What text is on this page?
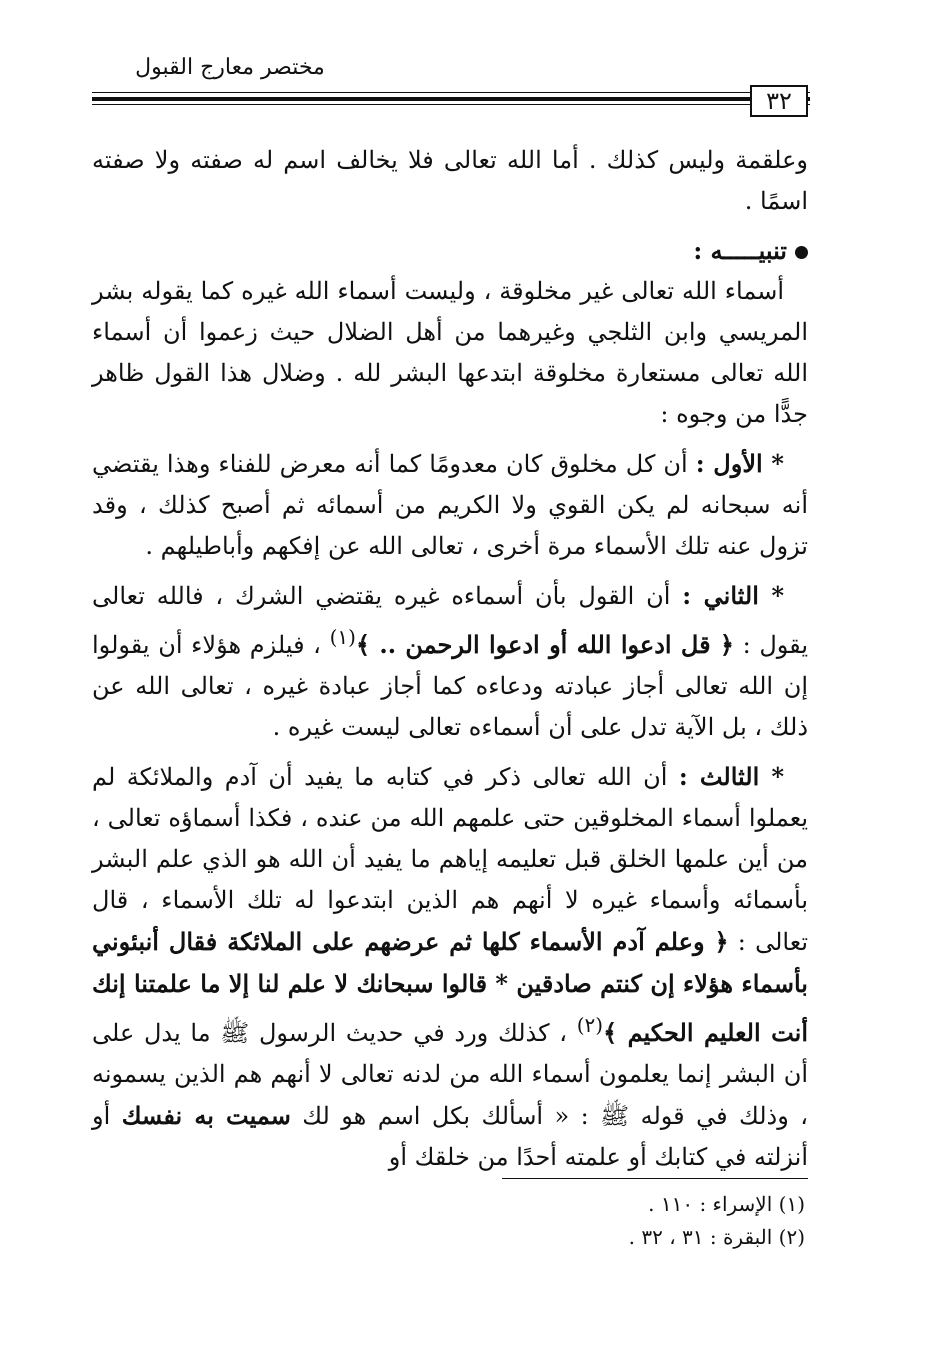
مختصر معارج القبول
٣٢

وعلقمة وليس كذلك . أما الله تعالى فلا يخالف اسم له صفته ولا صفته اسمًا .

تنبيـــــه :

أسماء الله تعالى غير مخلوقة ، وليست أسماء الله غيره كما يقوله بشر المريسي وابن الثلجي وغيرهما من أهل الضلال حيث زعموا أن أسماء الله تعالى مستعارة مخلوقة ابتدعها البشر لله . وضلال هذا القول ظاهر جدًّا من وجوه :

* الأول : أن كل مخلوق كان معدومًا كما أنه معرض للفناء وهذا يقتضي أنه سبحانه لم يكن القوي ولا الكريم من أسمائه ثم أصبح كذلك ، وقد تزول عنه تلك الأسماء مرة أخرى ، تعالى الله عن إفكهم وأباطيلهم .

* الثاني : أن القول بأن أسماءه غيره يقتضي الشرك ، فالله تعالى يقول : ﴿ قل ادعوا الله أو ادعوا الرحمن .. ﴾$^{(١)}$ ، فيلزم هؤلاء أن يقولوا إن الله تعالى أجاز عبادته ودعاءه كما أجاز عبادة غيره ، تعالى الله عن ذلك ، بل الآية تدل على أن أسماءه تعالى ليست غيره .

* الثالث : أن الله تعالى ذكر في كتابه ما يفيد أن آدم والملائكة لم يعملوا أسماء المخلوقين حتى علمهم الله من عنده ، فكذا أسماؤه تعالى ، من أين علمها الخلق قبل تعليمه إياهم ما يفيد أن الله هو الذي علم البشر بأسمائه وأسماء غيره لا أنهم هم الذين ابتدعوا له تلك الأسماء ، قال تعالى : ﴿ وعلم آدم الأسماء كلها ثم عرضهم على الملائكة فقال أنبئوني بأسماء هؤلاء إن كنتم صادقين * قالوا سبحانك لا علم لنا إلا ما علمتنا إنك أنت العليم الحكيم ﴾$^{(٢)}$ ، كذلك ورد في حديث الرسول ﷺ ما يدل على أن البشر إنما يعلمون أسماء الله من لدنه تعالى لا أنهم هم الذين يسمونه ، وذلك في قوله ﷺ : « أسألك بكل اسم هو لك سميت به نفسك أو أنزلته في كتابك أو علمته أحدًا من خلقك أو

(١) الإسراء : ١١٠ .

(٢) البقرة : ٣١ ، ٣٢ .
